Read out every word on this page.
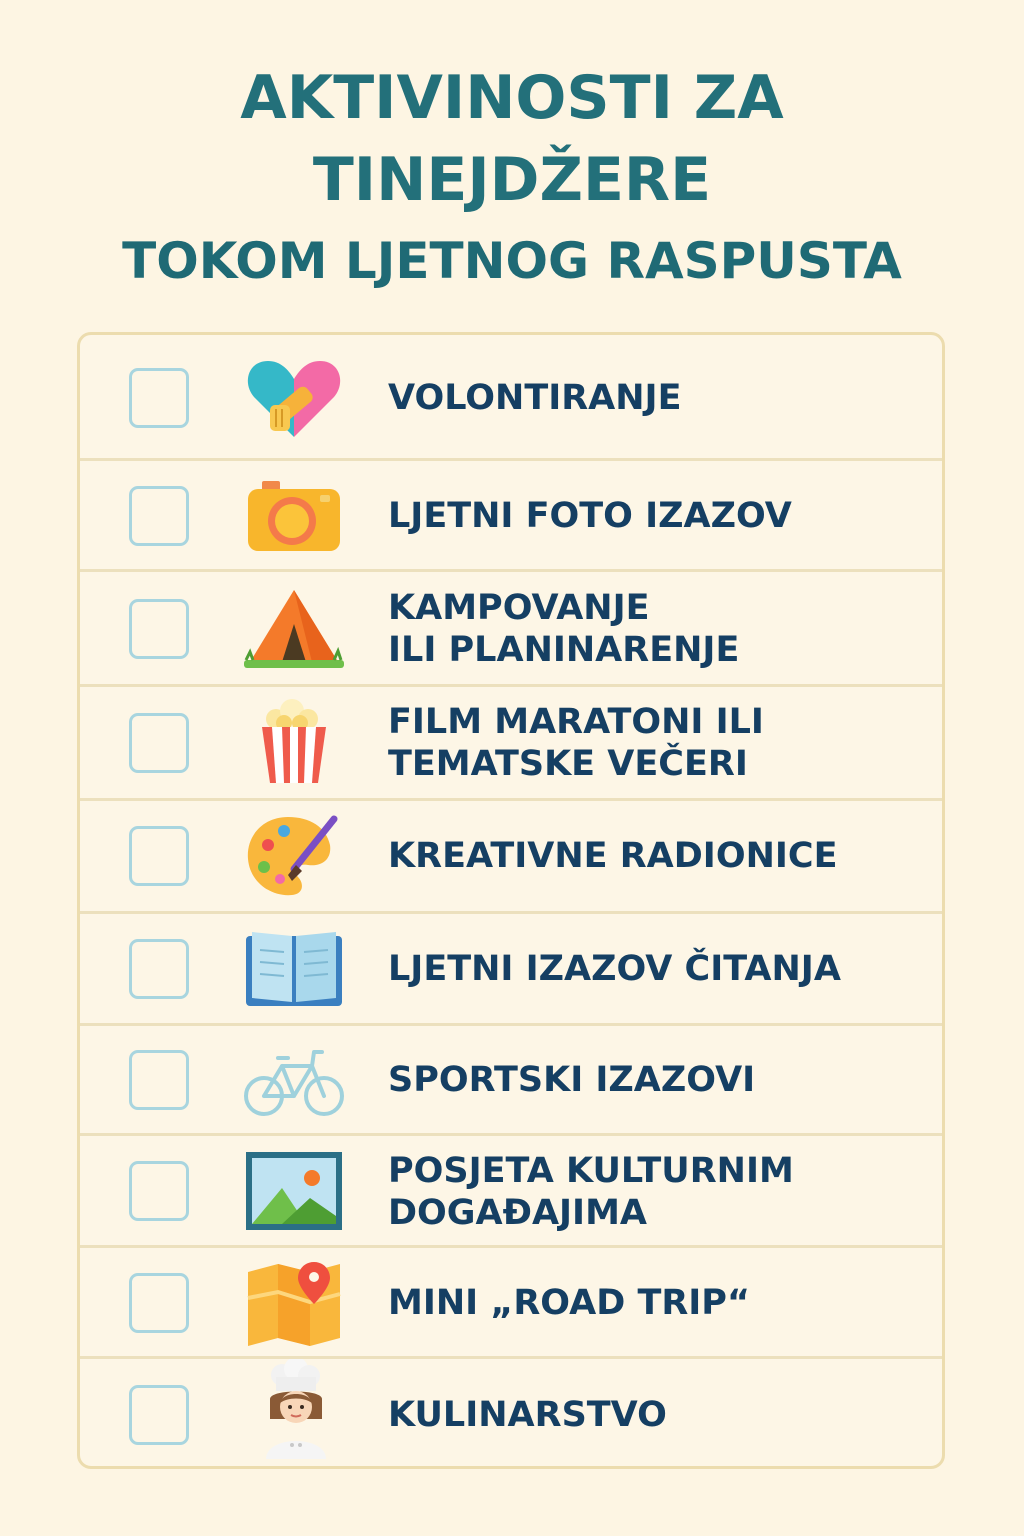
AKTIVINOSTI ZA
TINEJDŽERE
TOKOM LJETNOG RASPUSTA
VOLONTIRANJE
LJETNI FOTO IZAZOV
KAMPOVANJE
ILI PLANINARENJE
FILM MARATONI ILI
TEMATSKE VEČERI
KREATIVNE RADIONICE
LJETNI IZAZOV ČITANJA
SPORTSKI IZAZOVI
POSJETA KULTURNIM
DOGAĐAJIMA
MINI „ROAD TRIP“
KULINARSTVO
